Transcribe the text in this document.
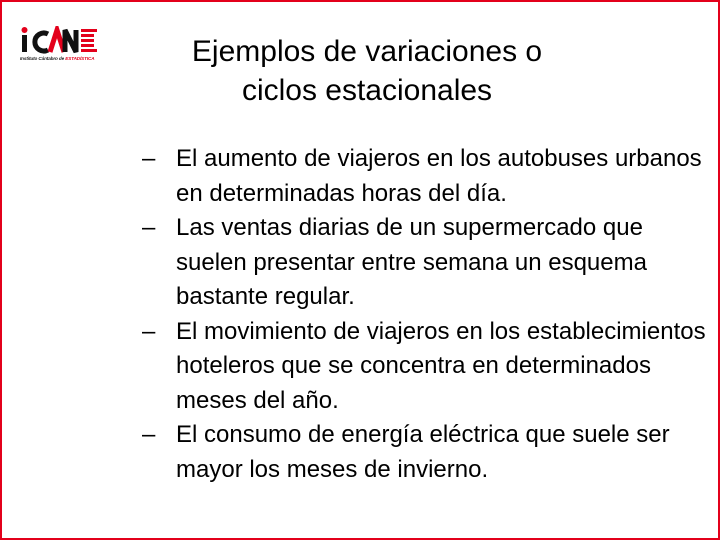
Instituto Cántabro de ESTADÍSTICA	Ejemplos de variaciones o
ciclos estacionales
– El aumento de viajeros en los autobuses urbanos en determinadas horas del día.
– Las ventas diarias de un supermercado que suelen presentar entre semana un esquema bastante regular.
– El movimiento de viajeros en los establecimientos hoteleros que se concentra en determinados meses del año.
– El consumo de energía eléctrica que suele ser mayor los meses de invierno.
